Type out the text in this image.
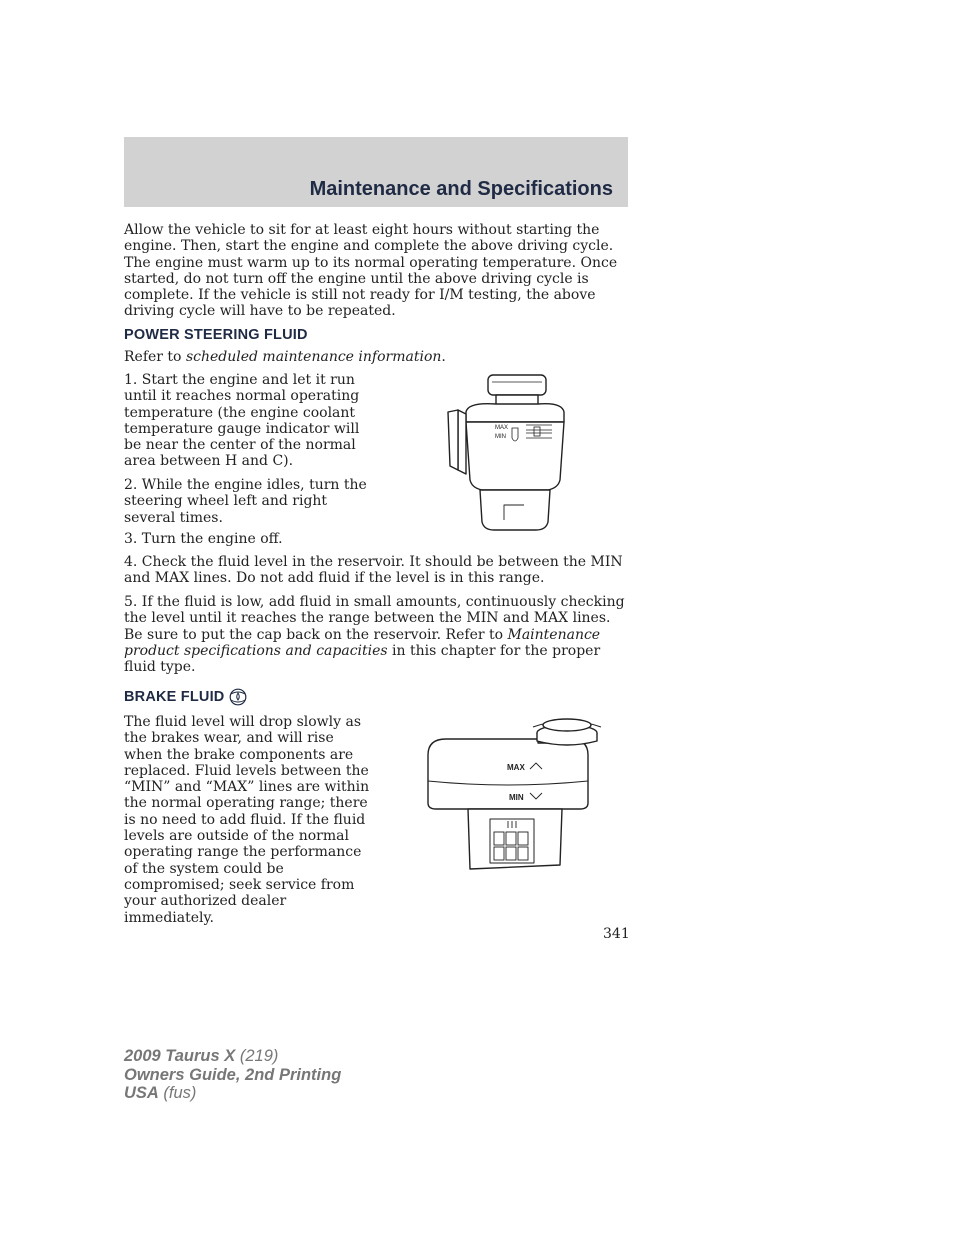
Maintenance and Specifications

Allow the vehicle to sit for at least eight hours without starting the engine. Then, start the engine and complete the above driving cycle. The engine must warm up to its normal operating temperature. Once started, do not turn off the engine until the above driving cycle is complete. If the vehicle is still not ready for I/M testing, the above driving cycle will have to be repeated.

POWER STEERING FLUID

Refer to scheduled maintenance information.

1. Start the engine and let it run until it reaches normal operating temperature (the engine coolant temperature gauge indicator will be near the center of the normal area between H and C).

2. While the engine idles, turn the steering wheel left and right several times.

3. Turn the engine off.

4. Check the fluid level in the reservoir. It should be between the MIN and MAX lines. Do not add fluid if the level is in this range.

5. If the fluid is low, add fluid in small amounts, continuously checking the level until it reaches the range between the MIN and MAX lines. Be sure to put the cap back on the reservoir. Refer to Maintenance product specifications and capacities in this chapter for the proper fluid type.

MAX
MIN
BRAKE FLUID

The fluid level will drop slowly as the brakes wear, and will rise when the brake components are replaced. Fluid levels between the “MIN” and “MAX” lines are within the normal operating range; there is no need to add fluid. If the fluid levels are outside of the normal operating range the performance of the system could be compromised; seek service from your authorized dealer immediately.

MAX
MIN

341

2009 Taurus X (219)
Owners Guide, 2nd Printing
USA (fus)
